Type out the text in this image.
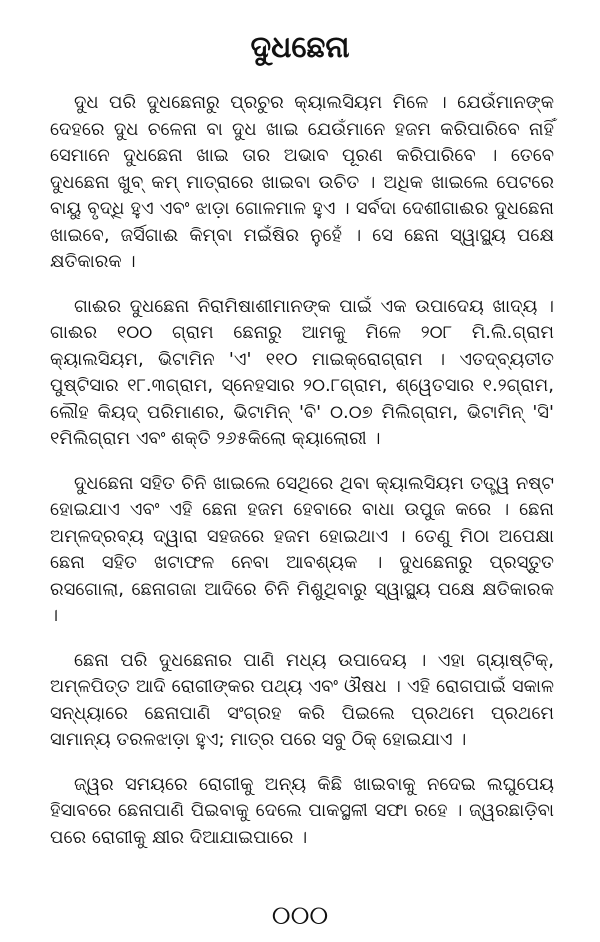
ଦୁଧଛେନା

ଦୁଧ ପରି ଦୁଧଛେନାରୁ ପ୍ରଚୁର କ୍ୟାଲସିୟମ ମିଳେ । ଯେଉଁମାନଙ୍କ ଦେହରେ ଦୁଧ ଚଳେନା ବା ଦୁଧ ଖାଇ ଯେଉଁମାନେ ହଜମ କରିପାରିବେ ନାହିଁ ସେମାନେ ଦୁଧଛେନା ଖାଇ ତାର ଅଭାବ ପୂରଣ କରିପାରିବେ । ତେବେ ଦୁଧଛେନା ଖୁବ୍ କମ୍ ମାତ୍ରାରେ ଖାଇବା ଉଚିତ । ଅଧିକ ଖାଇଲେ ପେଟରେ ବାୟୁ ବୃଦ୍ଧି ହୁଏ ଏବଂ ଝାଡ଼ା ଗୋଳମାଳ ହୁଏ । ସର୍ବଦା ଦେଶୀଗାଈର ଦୁଧଛେନା ଖାଇବେ, ଜର୍ସିଗାଈ କିମ୍ବା ମଇଁଷିର ନୁହେଁ । ସେ ଛେନା ସ୍ୱାସ୍ଥ୍ୟ ପକ୍ଷେ କ୍ଷତିକାରକ ।

ଗାଈର ଦୁଧଛେନା ନିରାମିଷାଶୀମାନଙ୍କ ପାଇଁ ଏକ ଉପାଦେୟ ଖାଦ୍ୟ । ଗାଈର ୧୦୦ ଗ୍ରାମ ଛେନାରୁ ଆମକୁ ମିଳେ ୨୦୮ ମି.ଲି.ଗ୍ରାମ କ୍ୟାଲସିୟମ, ଭିଟାମିନ 'ଏ' ୧୧୦ ମାଇକ୍ରୋଗ୍ରାମ । ଏତଦ୍‌ବ୍ୟତୀତ ପୁଷ୍ଟିସାର ୧୮.୩ଗ୍ରାମ, ସ୍ନେହସାର ୨୦.୮ଗ୍ରାମ, ଶ୍ୱେତସାର ୧.୨ଗ୍ରାମ, ଲୌହ କିୟଦ୍ ପରିମାଣର, ଭିଟାମିନ୍ 'ବି' ୦.୦୭ ମିଲିଗ୍ରାମ, ଭିଟାମିନ୍ 'ସି' ୧ମିଲିଗ୍ରାମ ଏବଂ ଶକ୍ତି ୨୬୫କିଲୋ କ୍ୟାଲୋରୀ ।

ଦୁଧଛେନା ସହିତ ଚିନି ଖାଇଲେ ସେଥିରେ ଥିବା କ୍ୟାଲସିୟମ ତତ୍ତ୍ୱ ନଷ୍ଟ ହୋଇଯାଏ ଏବଂ ଏହି ଛେନା ହଜମ ହେବାରେ ବାଧା ଉପୁଜ କରେ । ଛେନା ଅମ୍ଳଦ୍ରବ୍ୟ ଦ୍ୱାରା ସହଜରେ ହଜମ ହୋଇଥାଏ । ତେଣୁ ମିଠା ଅପେକ୍ଷା ଛେନା ସହିତ ଖଟାଫଳ ନେବା ଆବଶ୍ୟକ । ଦୁଧଛେନାରୁ ପ୍ରସ୍ତୁତ ରସଗୋଲା, ଛେନାଗଜା ଆଦିରେ ଚିନି ମିଶୁଥିବାରୁ ସ୍ୱାସ୍ଥ୍ୟ ପକ୍ଷେ କ୍ଷତିକାରକ ।

ଛେନା ପରି ଦୁଧଛେନାର ପାଣି ମଧ୍ୟ ଉପାଦେୟ । ଏହା ଗ୍ୟାଷ୍ଟିକ୍, ଅମ୍ଳପିତ୍ତ ଆଦି ରୋଗୀଙ୍କର ପଥ୍ୟ ଏବଂ ଔଷଧ । ଏହି ରୋଗପାଇଁ ସକାଳ ସନ୍ଧ୍ୟାରେ ଛେନାପାଣି ସଂଗ୍ରହ କରି ପିଇଲେ ପ୍ରଥମେ ପ୍ରଥମେ ସାମାନ୍ୟ ତରଳଝାଡ଼ା ହୁଏ; ମାତ୍ର ପରେ ସବୁ ଠିକ୍ ହୋଇଯାଏ ।

ଜ୍ୱର ସମୟରେ ରୋଗୀକୁ ଅନ୍ୟ କିଛି ଖାଇବାକୁ ନଦେଇ ଲଘୁପେୟ ହିସାବରେ ଛେନାପାଣି ପିଇବାକୁ ଦେଲେ ପାକସ୍ଥଳୀ ସଫା ରହେ । ଜ୍ୱରଛାଡ଼ିବା ପରେ ରୋଗୀକୁ କ୍ଷୀର ଦିଆଯାଇପାରେ ।

୦୦୦
